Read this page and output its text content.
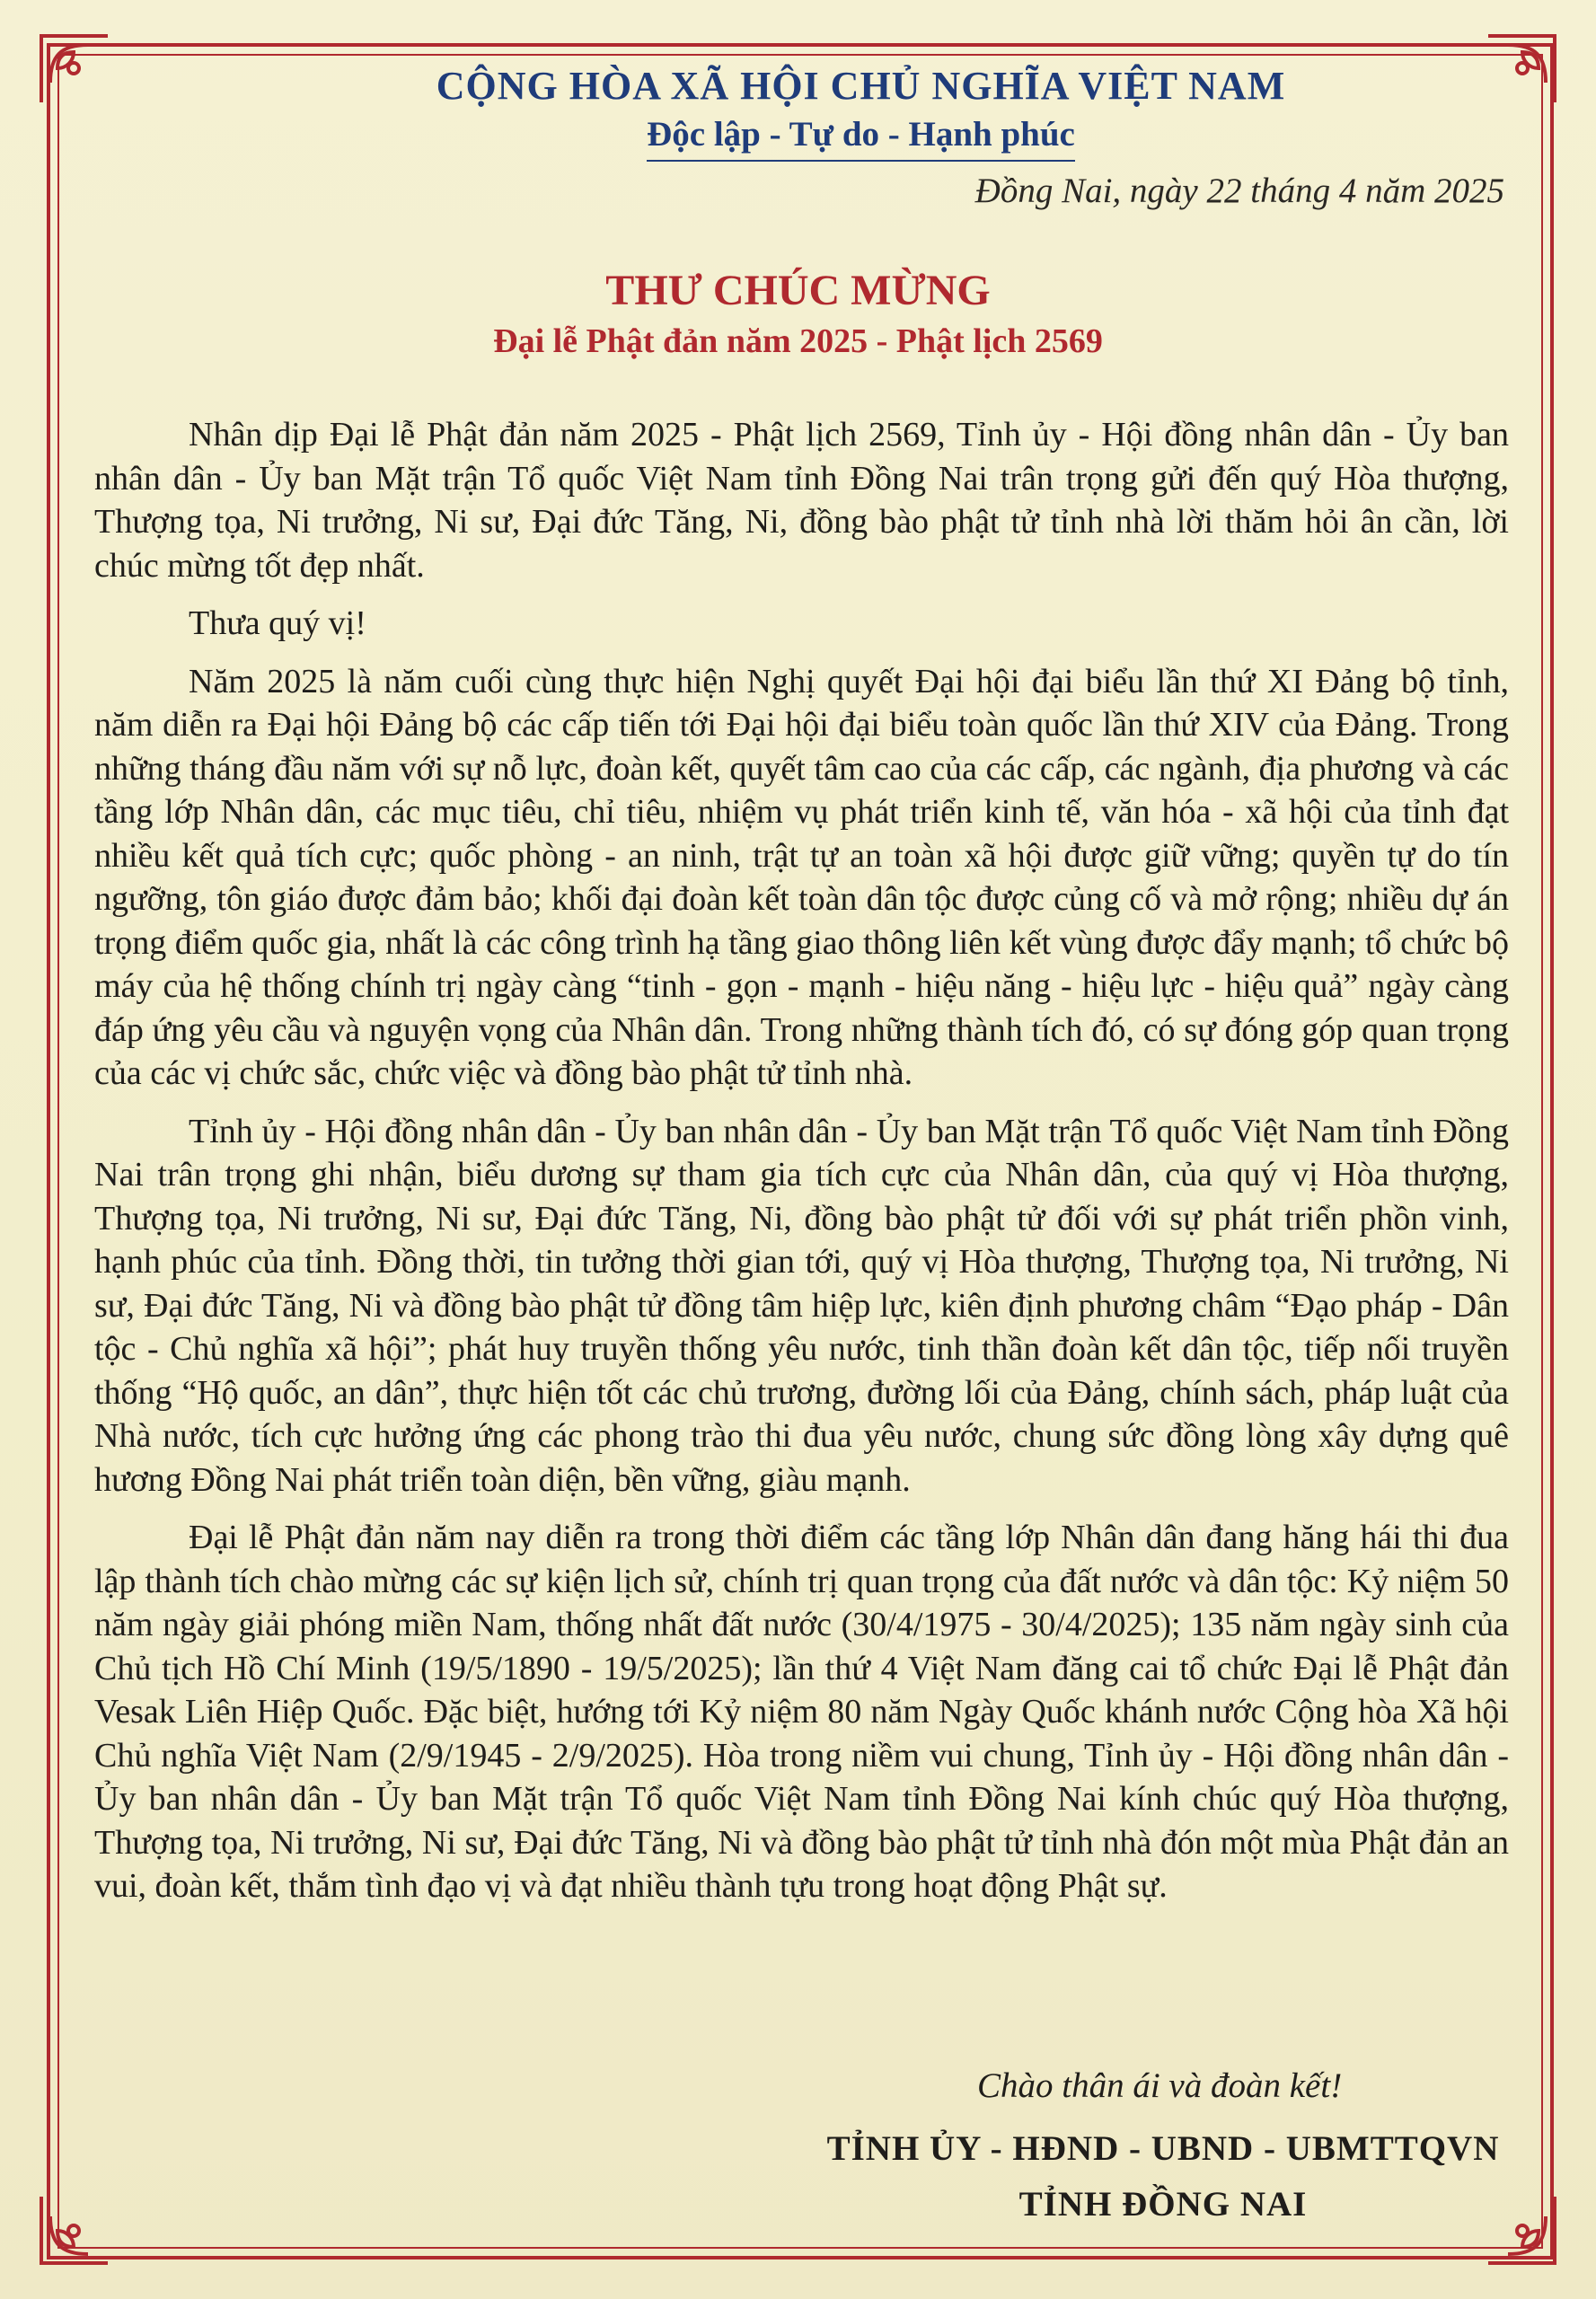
CỘNG HÒA XÃ HỘI CHỦ NGHĨA VIỆT NAM
Độc lập - Tự do - Hạnh phúc
Đồng Nai, ngày 22 tháng 4 năm 2025
THƯ CHÚC MỪNG
Đại lễ Phật đản năm 2025 - Phật lịch 2569

Nhân dịp Đại lễ Phật đản năm 2025 - Phật lịch 2569, Tỉnh ủy - Hội đồng nhân dân - Ủy ban nhân dân - Ủy ban Mặt trận Tổ quốc Việt Nam tỉnh Đồng Nai trân trọng gửi đến quý Hòa thượng, Thượng tọa, Ni trưởng, Ni sư, Đại đức Tăng, Ni, đồng bào phật tử tỉnh nhà lời thăm hỏi ân cần, lời chúc mừng tốt đẹp nhất.

Thưa quý vị!

Năm 2025 là năm cuối cùng thực hiện Nghị quyết Đại hội đại biểu lần thứ XI Đảng bộ tỉnh, năm diễn ra Đại hội Đảng bộ các cấp tiến tới Đại hội đại biểu toàn quốc lần thứ XIV của Đảng. Trong những tháng đầu năm với sự nỗ lực, đoàn kết, quyết tâm cao của các cấp, các ngành, địa phương và các tầng lớp Nhân dân, các mục tiêu, chỉ tiêu, nhiệm vụ phát triển kinh tế, văn hóa - xã hội của tỉnh đạt nhiều kết quả tích cực; quốc phòng - an ninh, trật tự an toàn xã hội được giữ vững; quyền tự do tín ngưỡng, tôn giáo được đảm bảo; khối đại đoàn kết toàn dân tộc được củng cố và mở rộng; nhiều dự án trọng điểm quốc gia, nhất là các công trình hạ tầng giao thông liên kết vùng được đẩy mạnh; tổ chức bộ máy của hệ thống chính trị ngày càng “tinh - gọn - mạnh - hiệu năng - hiệu lực - hiệu quả” ngày càng đáp ứng yêu cầu và nguyện vọng của Nhân dân. Trong những thành tích đó, có sự đóng góp quan trọng của các vị chức sắc, chức việc và đồng bào phật tử tỉnh nhà.

Tỉnh ủy - Hội đồng nhân dân - Ủy ban nhân dân - Ủy ban Mặt trận Tổ quốc Việt Nam tỉnh Đồng Nai trân trọng ghi nhận, biểu dương sự tham gia tích cực của Nhân dân, của quý vị Hòa thượng, Thượng tọa, Ni trưởng, Ni sư, Đại đức Tăng, Ni, đồng bào phật tử đối với sự phát triển phồn vinh, hạnh phúc của tỉnh. Đồng thời, tin tưởng thời gian tới, quý vị Hòa thượng, Thượng tọa, Ni trưởng, Ni sư, Đại đức Tăng, Ni và đồng bào phật tử đồng tâm hiệp lực, kiên định phương châm “Đạo pháp - Dân tộc - Chủ nghĩa xã hội”; phát huy truyền thống yêu nước, tinh thần đoàn kết dân tộc, tiếp nối truyền thống “Hộ quốc, an dân”, thực hiện tốt các chủ trương, đường lối của Đảng, chính sách, pháp luật của Nhà nước, tích cực hưởng ứng các phong trào thi đua yêu nước, chung sức đồng lòng xây dựng quê hương Đồng Nai phát triển toàn diện, bền vững, giàu mạnh.

Đại lễ Phật đản năm nay diễn ra trong thời điểm các tầng lớp Nhân dân đang hăng hái thi đua lập thành tích chào mừng các sự kiện lịch sử, chính trị quan trọng của đất nước và dân tộc: Kỷ niệm 50 năm ngày giải phóng miền Nam, thống nhất đất nước (30/4/1975 - 30/4/2025); 135 năm ngày sinh của Chủ tịch Hồ Chí Minh (19/5/1890 - 19/5/2025); lần thứ 4 Việt Nam đăng cai tổ chức Đại lễ Phật đản Vesak Liên Hiệp Quốc. Đặc biệt, hướng tới Kỷ niệm 80 năm Ngày Quốc khánh nước Cộng hòa Xã hội Chủ nghĩa Việt Nam (2/9/1945 - 2/9/2025). Hòa trong niềm vui chung, Tỉnh ủy - Hội đồng nhân dân - Ủy ban nhân dân - Ủy ban Mặt trận Tổ quốc Việt Nam tỉnh Đồng Nai kính chúc quý Hòa thượng, Thượng tọa, Ni trưởng, Ni sư, Đại đức Tăng, Ni và đồng bào phật tử tỉnh nhà đón một mùa Phật đản an vui, đoàn kết, thắm tình đạo vị và đạt nhiều thành tựu trong hoạt động Phật sự.

Chào thân ái và đoàn kết!
TỈNH ỦY - HĐND - UBND - UBMTTQVN
TỈNH ĐỒNG NAI
